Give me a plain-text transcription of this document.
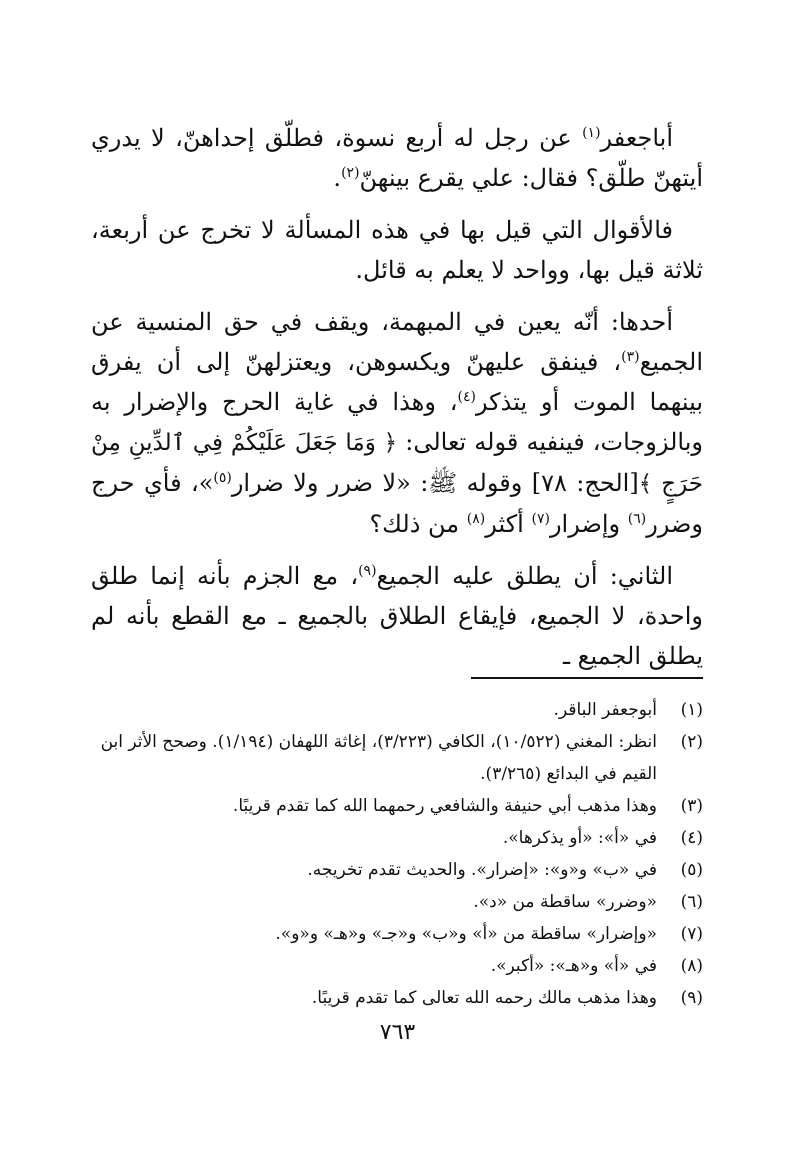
أباجعفر$^{(١)}$ عن رجل له أربع نسوة، فطلّق إحداهنّ، لا يدري أيتهنّ طلّق؟ فقال: علي يقرع بينهنّ$^{(٢)}$.

فالأقوال التي قيل بها في هذه المسألة لا تخرج عن أربعة، ثلاثة قيل بها، وواحد لا يعلم به قائل.

أحدها: أنّه يعين في المبهمة، ويقف في حق المنسية عن الجميع$^{(٣)}$، فينفق عليهنّ ويكسوهن، ويعتزلهنّ إلى أن يفرق بينهما الموت أو يتذكر$^{(٤)}$، وهذا في غاية الحرج والإضرار به وبالزوجات، فينفيه قوله تعالى: ﴿ وَمَا جَعَلَ عَلَيْكُمْ فِي ٱلدِّينِ مِنْ حَرَجٍ ﴾[الحج: ٧٨] وقوله ﷺ: «لا ضرر ولا ضرار$^{(٥)}$»، فأي حرج وضرر$^{(٦)}$ وإضرار$^{(٧)}$ أكثر$^{(٨)}$ من ذلك؟

الثاني: أن يطلق عليه الجميع$^{(٩)}$، مع الجزم بأنه إنما طلق واحدة، لا الجميع، فإيقاع الطلاق بالجميع ـ مع القطع بأنه لم يطلق الجميع ـ

(١)
أبوجعفر الباقر.
(٢)
انظر: المغني (١٠/٥٢٢)، الكافي (٣/٢٢٣)، إغاثة اللهفان (١/١٩٤). وصحح الأثر ابن القيم في البدائع (٣/٢٦٥).
(٣)
وهذا مذهب أبي حنيفة والشافعي رحمهما الله كما تقدم قريبًا.
(٤)
في «أ»: «أو يذكرها».
(٥)
في «ب» و«و»: «إضرار». والحديث تقدم تخريجه.
(٦)
«وضرر» ساقطة من «د».
(٧)
«وإضرار» ساقطة من «أ» و«ب» و«جـ» و«هـ» و«و».
(٨)
في «أ» و«هـ»: «أكبر».
(٩)
وهذا مذهب مالك رحمه الله تعالى كما تقدم قريبًا.
٧٦٣
